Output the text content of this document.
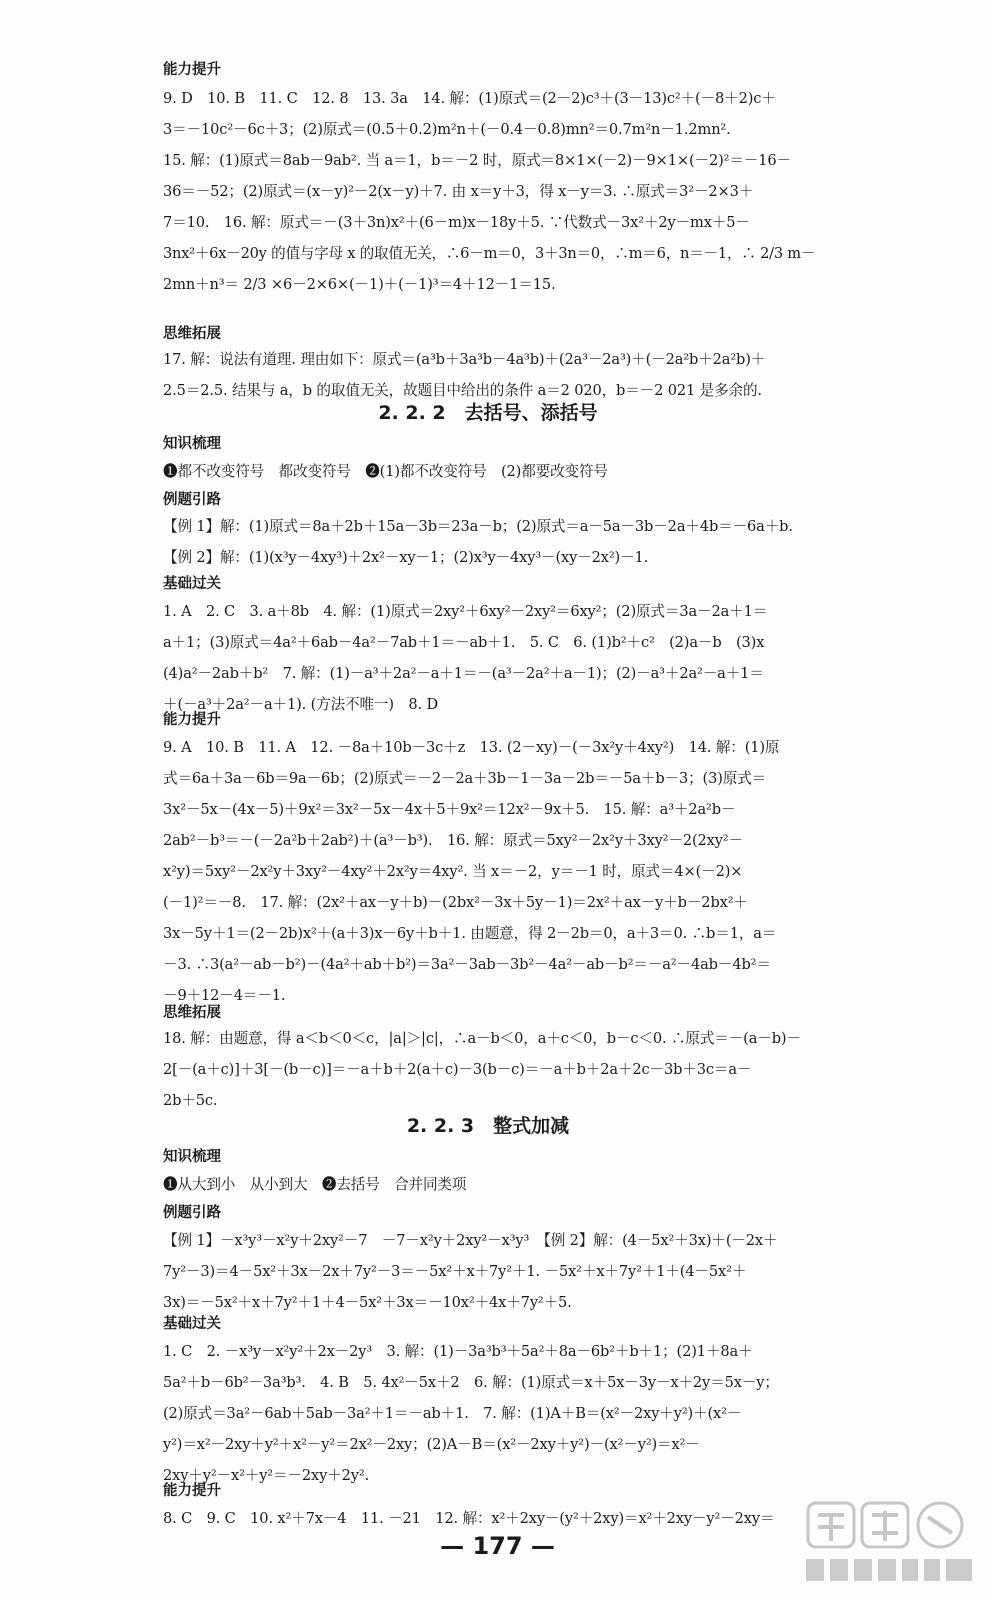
能力提升
9. D　10. B　11. C　12. 8　13. 3a　14. 解：(1)原式＝(2－2)c³＋(3－13)c²＋(－8＋2)c＋
3＝－10c²－6c＋3；(2)原式＝(0.5＋0.2)m²n＋(－0.4－0.8)mn²＝0.7m²n－1.2mn².
15. 解：(1)原式＝8ab－9ab². 当 a＝1，b＝－2 时，原式＝8×1×(－2)－9×1×(－2)²＝－16－
36＝－52；(2)原式＝(x－y)²－2(x－y)＋7. 由 x＝y＋3，得 x－y＝3. ∴原式＝3²－2×3＋
7＝10.　16. 解：原式＝－(3＋3n)x²＋(6－m)x－18y＋5. ∵代数式－3x²＋2y－mx＋5－
3nx²＋6x－20y 的值与字母 x 的取值无关，∴6－m＝0，3＋3n＝0，∴m＝6，n＝－1，∴ 2/3 m－
2mn＋n³＝ 2/3 ×6－2×6×(－1)＋(－1)³＝4＋12－1＝15.
思维拓展
17. 解：说法有道理. 理由如下：原式＝(a³b＋3a³b－4a³b)＋(2a³－2a³)＋(－2a²b＋2a²b)＋
2.5＝2.5. 结果与 a，b 的取值无关，故题目中给出的条件 a＝2 020，b＝－2 021 是多余的.
2. 2. 2　去括号、添括号
知识梳理
❶都不改变符号　都改变符号　❷(1)都不改变符号　(2)都要改变符号
例题引路
【例 1】解：(1)原式＝8a＋2b＋15a－3b＝23a－b；(2)原式＝a－5a－3b－2a＋4b＝－6a＋b.
【例 2】解：(1)(x³y－4xy³)＋2x²－xy－1；(2)x³y－4xy³－(xy－2x²)－1.
基础过关
1. A　2. C　3. a＋8b　4. 解：(1)原式＝2xy²＋6xy²－2xy²＝6xy²；(2)原式＝3a－2a＋1＝
a＋1；(3)原式＝4a²＋6ab－4a²－7ab＋1＝－ab＋1.　5. C　6. (1)b²＋c²　(2)a－b　(3)x
(4)a²－2ab＋b²　7. 解：(1)－a³＋2a²－a＋1＝－(a³－2a²＋a－1)；(2)－a³＋2a²－a＋1＝
＋(－a³＋2a²－a＋1). (方法不唯一)　8. D
能力提升
9. A　10. B　11. A　12. －8a＋10b－3c＋z　13. (2－xy)－(－3x²y＋4xy²)　14. 解：(1)原
式＝6a＋3a－6b＝9a－6b；(2)原式＝－2－2a＋3b－1－3a－2b＝－5a＋b－3；(3)原式＝
3x²－5x－(4x－5)＋9x²＝3x²－5x－4x＋5＋9x²＝12x²－9x＋5.　15. 解：a³＋2a²b－
2ab²－b³＝－(－2a²b＋2ab²)＋(a³－b³).　16. 解：原式＝5xy²－2x²y＋3xy²－2(2xy²－
x²y)＝5xy²－2x²y＋3xy²－4xy²＋2x²y＝4xy². 当 x＝－2，y＝－1 时，原式＝4×(－2)×
(－1)²＝－8.　17. 解：(2x²＋ax－y＋b)－(2bx²－3x＋5y－1)＝2x²＋ax－y＋b－2bx²＋
3x－5y＋1＝(2－2b)x²＋(a＋3)x－6y＋b＋1. 由题意，得 2－2b＝0，a＋3＝0. ∴b＝1，a＝
－3. ∴3(a²－ab－b²)－(4a²＋ab＋b²)＝3a²－3ab－3b²－4a²－ab－b²＝－a²－4ab－4b²＝
－9＋12－4＝－1.
思维拓展
18. 解：由题意，得 a＜b＜0＜c，|a|＞|c|，∴a－b＜0，a＋c＜0，b－c＜0. ∴原式＝－(a－b)－
2[－(a＋c)]＋3[－(b－c)]＝－a＋b＋2(a＋c)－3(b－c)＝－a＋b＋2a＋2c－3b＋3c＝a－
2b＋5c.
2. 2. 3　整式加减
知识梳理
❶从大到小　从小到大　❷去括号　合并同类项
例题引路
【例 1】－x³y³－x²y＋2xy²－7　－7－x²y＋2xy²－x³y³　【例 2】解：(4－5x²＋3x)＋(－2x＋
7y²－3)＝4－5x²＋3x－2x＋7y²－3＝－5x²＋x＋7y²＋1. －5x²＋x＋7y²＋1＋(4－5x²＋
3x)＝－5x²＋x＋7y²＋1＋4－5x²＋3x＝－10x²＋4x＋7y²＋5.
基础过关
1. C　2. －x³y－x²y²＋2x－2y³　3. 解：(1)－3a³b³＋5a²＋8a－6b²＋b＋1；(2)1＋8a＋
5a²＋b－6b²－3a³b³.　4. B　5. 4x²－5x＋2　6. 解：(1)原式＝x＋5x－3y－x＋2y＝5x－y；
(2)原式＝3a²－6ab＋5ab－3a²＋1＝－ab＋1.　7. 解：(1)A＋B＝(x²－2xy＋y²)＋(x²－
y²)＝x²－2xy＋y²＋x²－y²＝2x²－2xy；(2)A－B＝(x²－2xy＋y²)－(x²－y²)＝x²－
2xy＋y²－x²＋y²＝－2xy＋2y².
能力提升
8. C　9. C　10. x²＋7x－4　11. －21　12. 解：x²＋2xy－(y²＋2xy)＝x²＋2xy－y²－2xy＝
— 177 —
